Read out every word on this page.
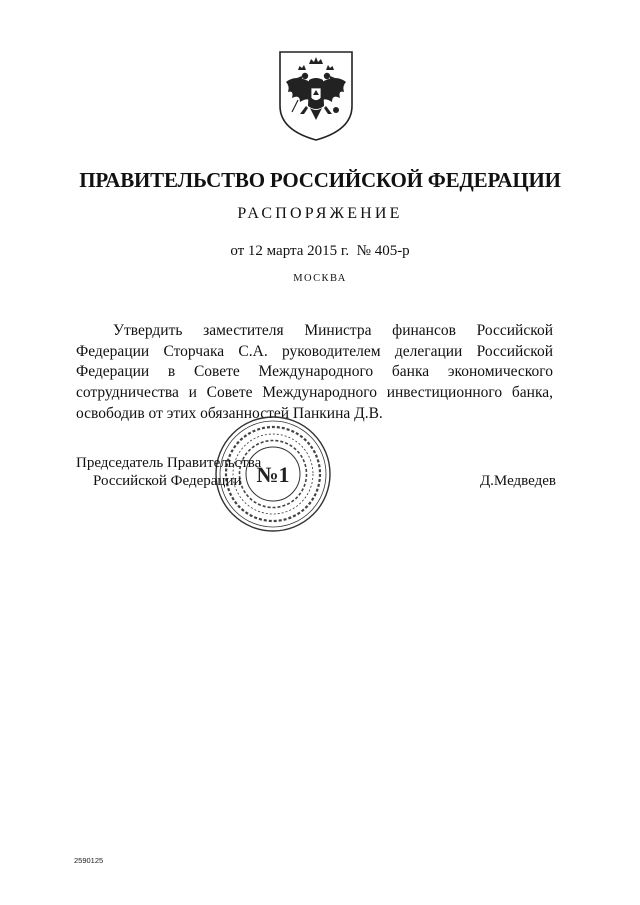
ПРАВИТЕЛЬСТВО РОССИЙСКОЙ ФЕДЕРАЦИИ
РАСПОРЯЖЕНИЕ
от 12 марта 2015 г.  № 405-р
МОСКВА

Утвердить заместителя Министра финансов Российской Федерации Сторчака С.А. руководителем делегации Российской Федерации в Совете Международного банка экономического сотрудничества и Совете Международного инвестиционного банка, освободив от этих обязанностей Панкина Д.В.

№1
Председатель Правительства
Российской Федерации	Д.Медведев
2590125
